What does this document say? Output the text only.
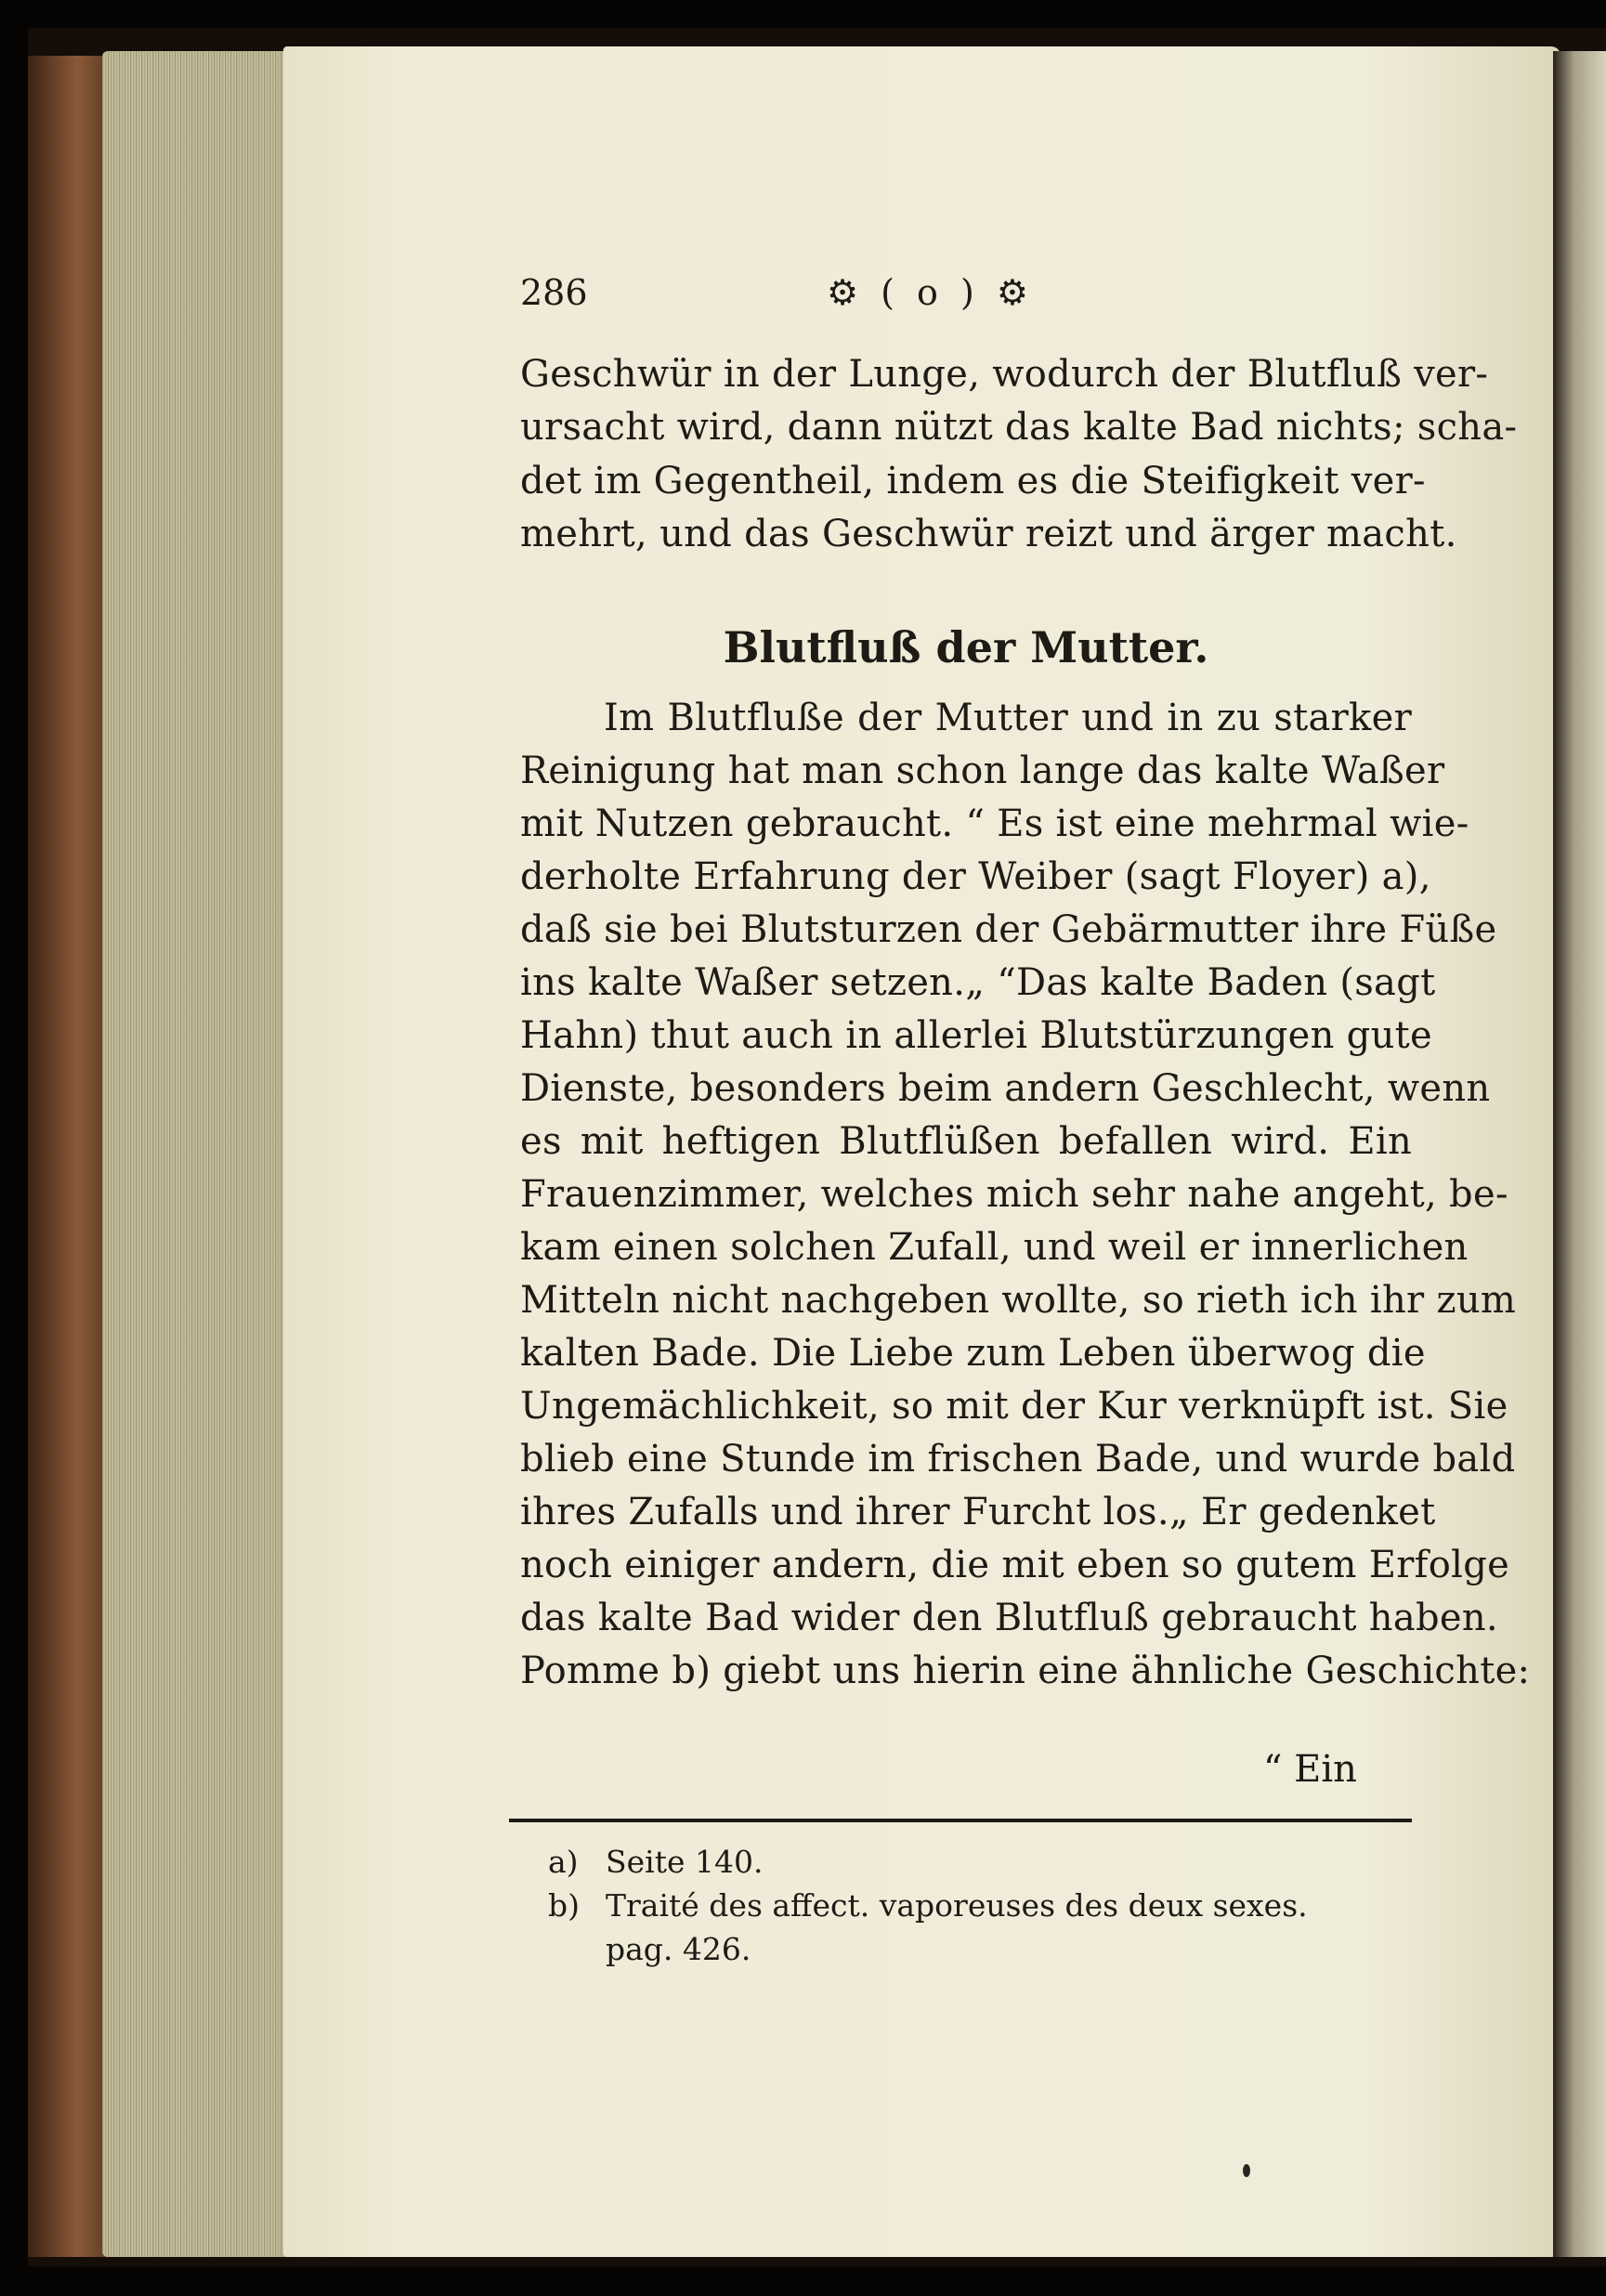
286	⚙ ( o ) ⚙
Geschwür in der Lunge, wodurch der Blutfluß ver-
ursacht wird, dann nützt das kalte Bad nichts; scha-
det im Gegentheil, indem es die Steifigkeit ver-
mehrt, und das Geschwür reizt und ärger macht.
Blutfluß der Mutter.
Im Blutfluße der Mutter und in zu starker
Reinigung hat man schon lange das kalte Waßer
mit Nutzen gebraucht. “ Es ist eine mehrmal wie-
derholte Erfahrung der Weiber (sagt Floyer) a),
daß sie bei Blutsturzen der Gebärmutter ihre Füße
ins kalte Waßer setzen.„ “Das kalte Baden (sagt
Hahn) thut auch in allerlei Blutstürzungen gute
Dienste, besonders beim andern Geschlecht, wenn
es mit heftigen Blutflüßen befallen wird. Ein
Frauenzimmer, welches mich sehr nahe angeht, be-
kam einen solchen Zufall, und weil er innerlichen
Mitteln nicht nachgeben wollte, so rieth ich ihr zum
kalten Bade. Die Liebe zum Leben überwog die
Ungemächlichkeit, so mit der Kur verknüpft ist. Sie
blieb eine Stunde im frischen Bade, und wurde bald
ihres Zufalls und ihrer Furcht los.„ Er gedenket
noch einiger andern, die mit eben so gutem Erfolge
das kalte Bad wider den Blutfluß gebraucht haben.
Pomme b) giebt uns hierin eine ähnliche Geschichte:
“ Ein
a) Seite 140.
b) Traité des affect. vaporeuses des deux sexes.
pag. 426.
